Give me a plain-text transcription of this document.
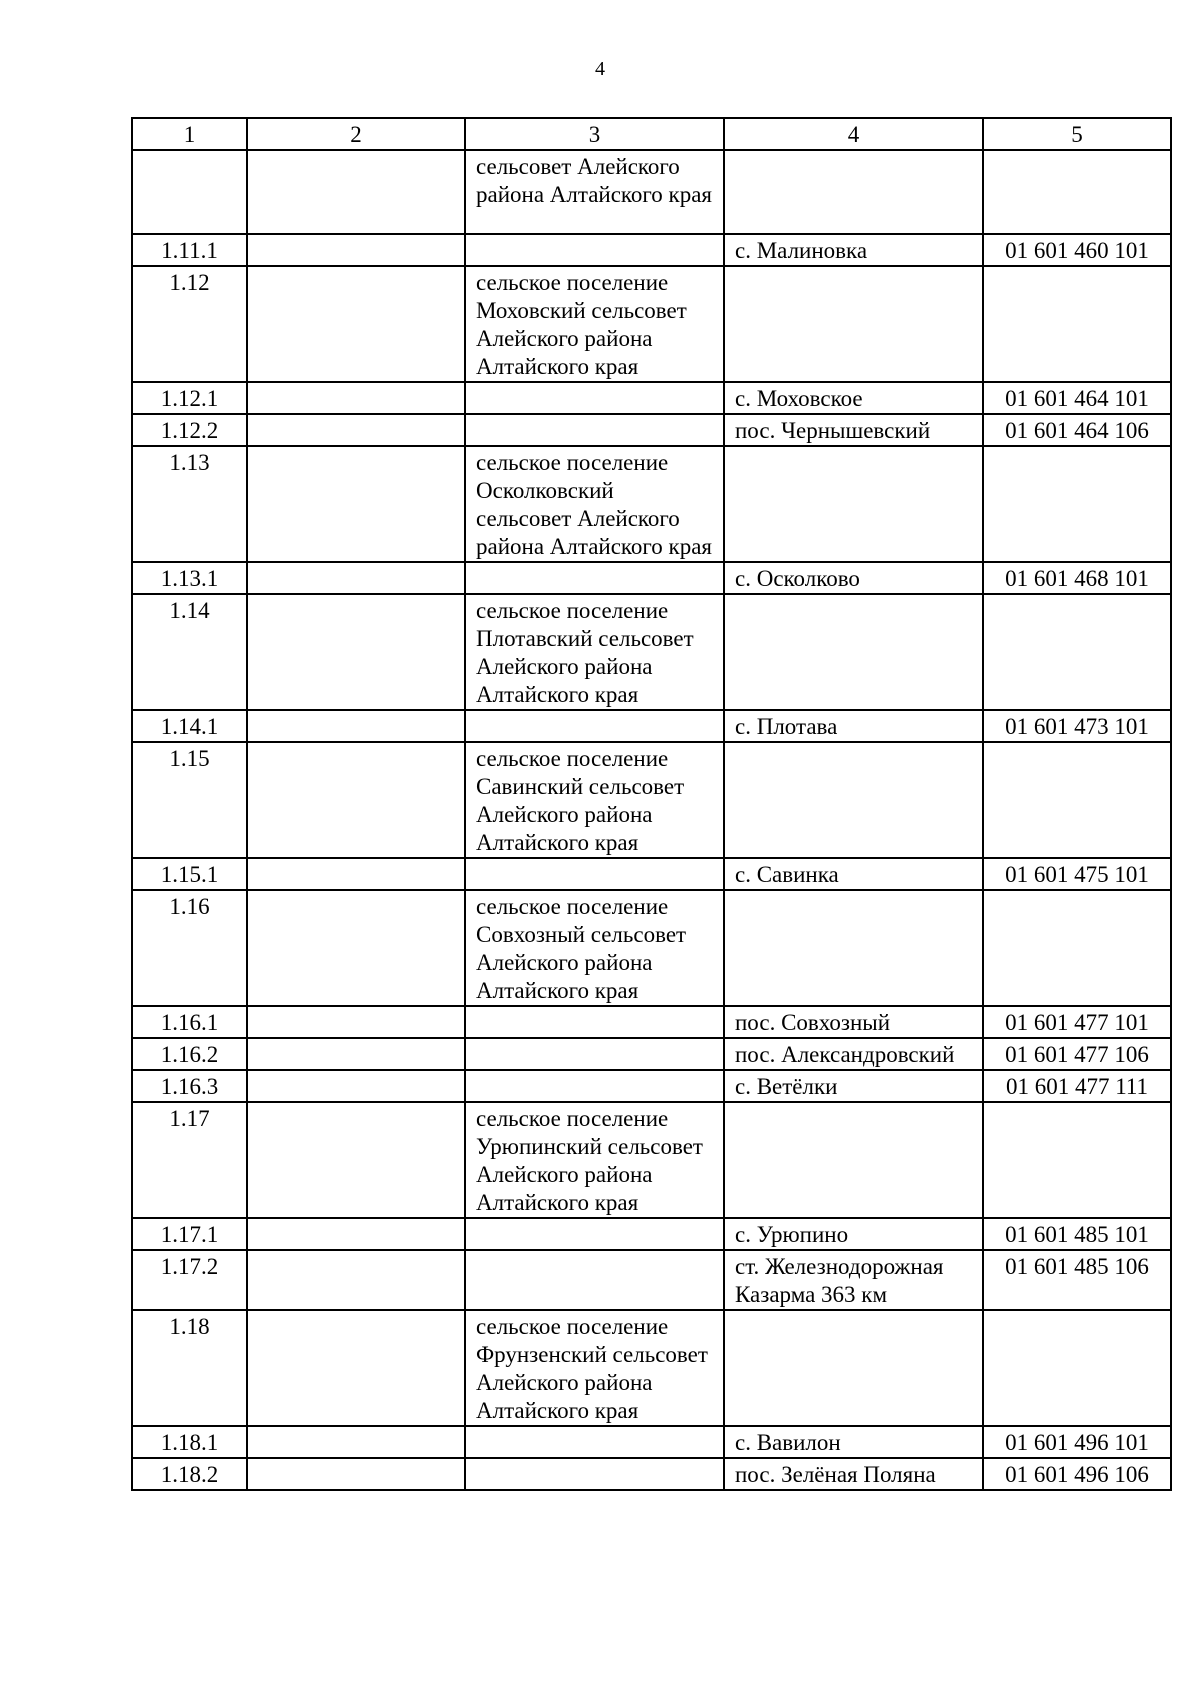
4
1	2	3	4	5
		сельсовет Алейского района Алтайского края		
1.11.1			с. Малиновка	01 601 460 101
1.12		сельское поселение Моховский сельсовет Алейского района Алтайского края		
1.12.1			с. Моховское	01 601 464 101
1.12.2			пос. Чернышевский	01 601 464 106
1.13		сельское поселение Осколковский сельсовет Алейского района Алтайского края		
1.13.1			с. Осколково	01 601 468 101
1.14		сельское поселение Плотавский сельсовет Алейского района Алтайского края		
1.14.1			с. Плотава	01 601 473 101
1.15		сельское поселение Савинский сельсовет Алейского района Алтайского края		
1.15.1			с. Савинка	01 601 475 101
1.16		сельское поселение Совхозный сельсовет Алейского района Алтайского края		
1.16.1			пос. Совхозный	01 601 477 101
1.16.2			пос. Александровский	01 601 477 106
1.16.3			с. Ветёлки	01 601 477 111
1.17		сельское поселение Урюпинский сельсовет Алейского района Алтайского края		
1.17.1			с. Урюпино	01 601 485 101
1.17.2			ст. Железнодорожная Казарма 363 км	01 601 485 106
1.18		сельское поселение Фрунзенский сельсовет Алейского района Алтайского края		
1.18.1			с. Вавилон	01 601 496 101
1.18.2			пос. Зелёная Поляна	01 601 496 106
